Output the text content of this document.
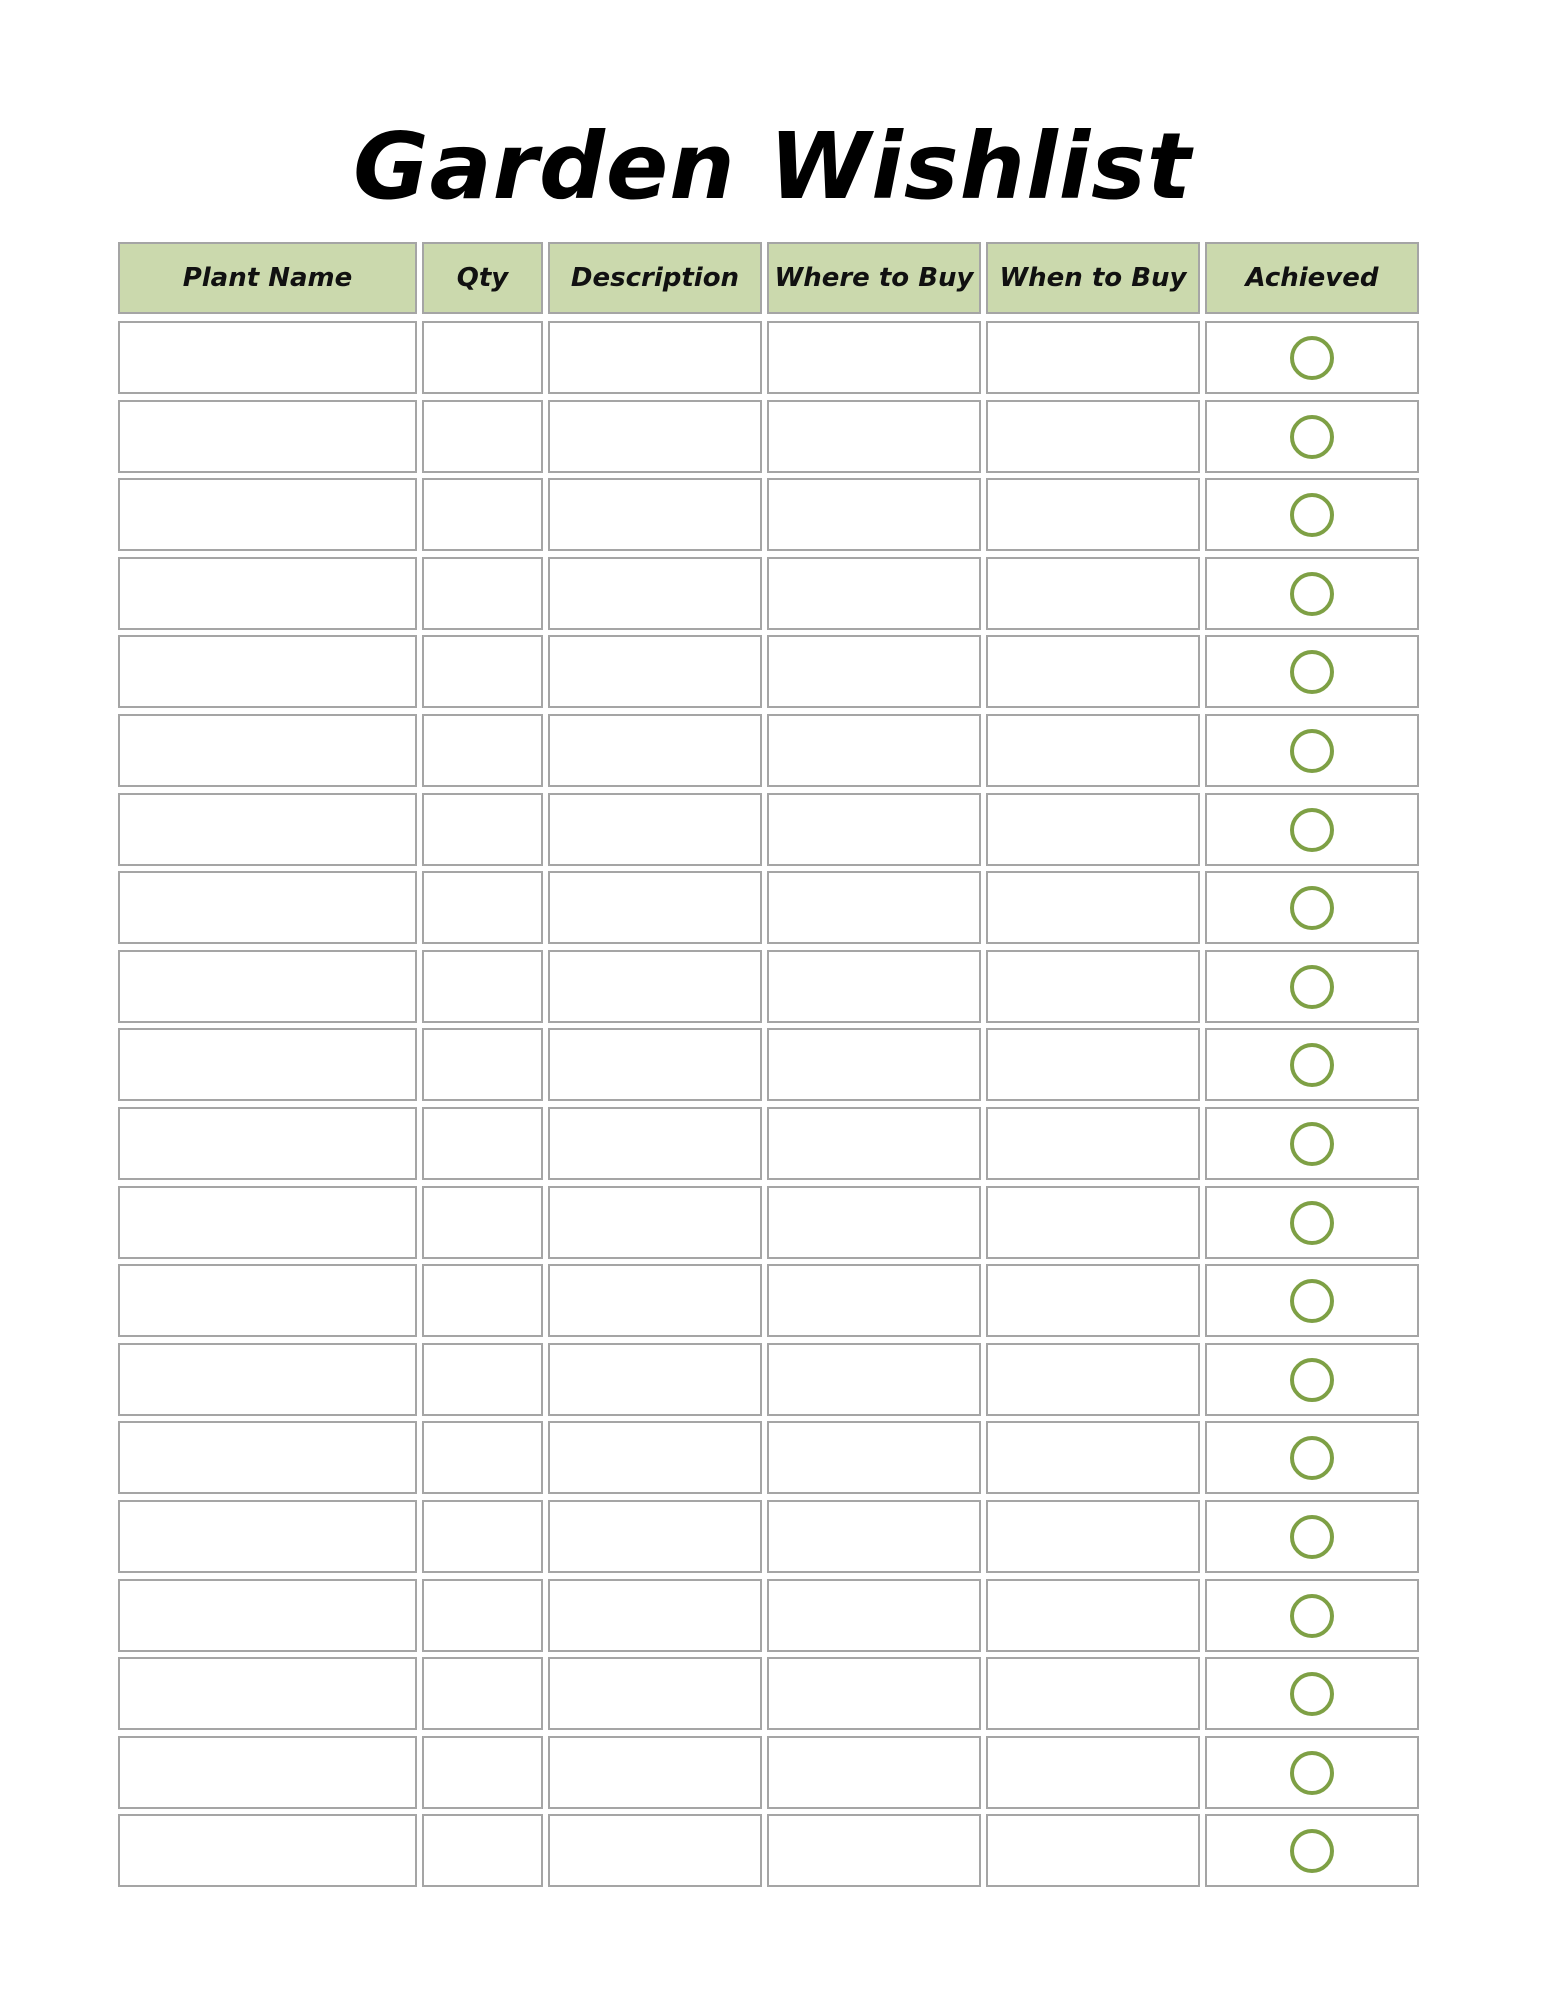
Garden Wishlist
Plant Name	Qty	Description	Where to Buy	When to Buy	Achieved
